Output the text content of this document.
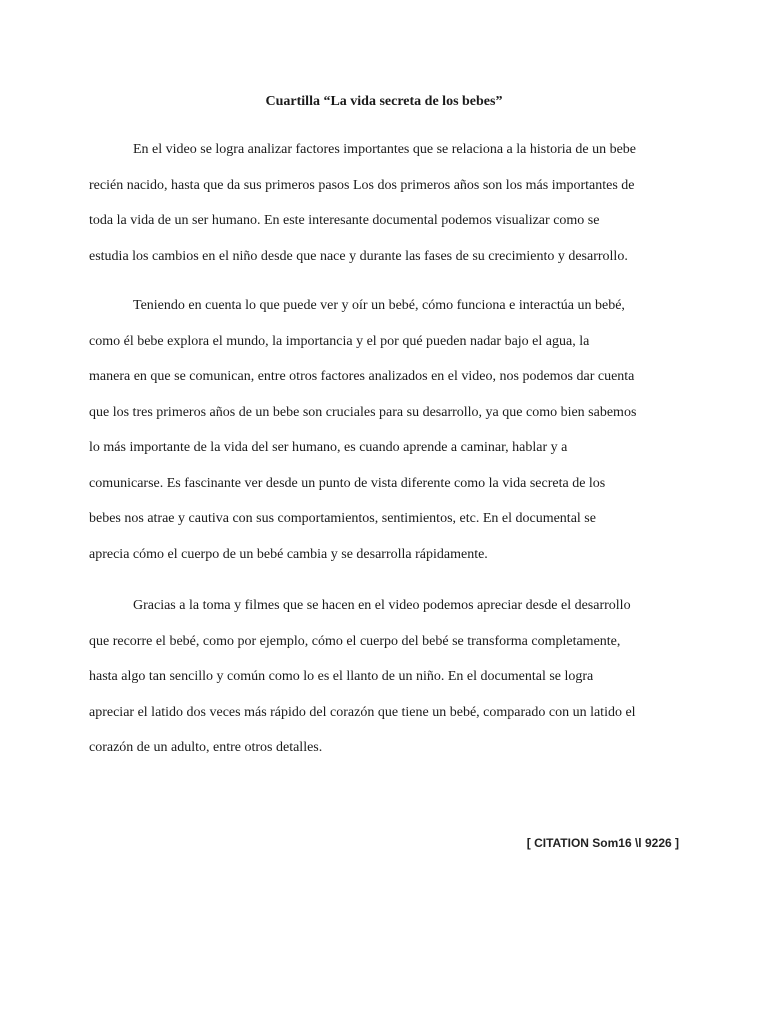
Cuartilla “La vida secreta de los bebes”
En el video se logra analizar factores importantes que se relaciona a la historia de un bebe
recién nacido, hasta que da sus primeros pasos Los dos primeros años son los más importantes de
toda la vida de un ser humano. En este interesante documental podemos visualizar como se
estudia los cambios en el niño desde que nace y durante las fases de su crecimiento y desarrollo.
Teniendo en cuenta lo que puede ver y oír un bebé, cómo funciona e interactúa un bebé,
como él bebe explora el mundo, la importancia y el por qué pueden nadar bajo el agua, la
manera en que se comunican, entre otros factores analizados en el video, nos podemos dar cuenta
que los tres primeros años de un bebe son cruciales para su desarrollo, ya que como bien sabemos
lo más importante de la vida del ser humano, es cuando aprende a caminar, hablar y a
comunicarse. Es fascinante ver desde un punto de vista diferente como la vida secreta de los
bebes nos atrae y cautiva con sus comportamientos, sentimientos, etc. En el documental se
aprecia cómo el cuerpo de un bebé cambia y se desarrolla rápidamente.
Gracias a la toma y filmes que se hacen en el video podemos apreciar desde el desarrollo
que recorre el bebé, como por ejemplo, cómo el cuerpo del bebé se transforma completamente,
hasta algo tan sencillo y común como lo es el llanto de un niño. En el documental se logra
apreciar el latido dos veces más rápido del corazón que tiene un bebé, comparado con un latido el
corazón de un adulto, entre otros detalles.

[ CITATION Som16 \l 9226 ]
